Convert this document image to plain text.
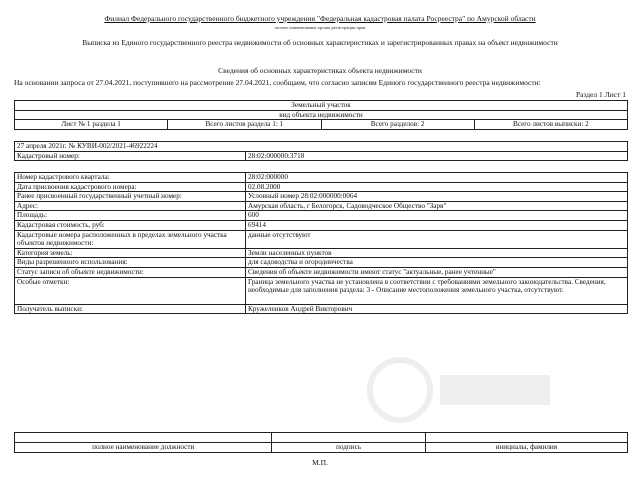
Филиал Федерального государственного бюджетного учреждения "Федеральная кадастровая палата Росреестра" по Амурской области
полное наименование органа регистрации прав
Выписка из Единого государственного реестра недвижимости об основных характеристиках и зарегистрированных правах на объект недвижимости
Сведения об основных характеристиках объекта недвижимости
На основании запроса от 27.04.2021, поступившего на рассмотрение 27.04.2021, сообщаем, что согласно записям Единого государственного реестра недвижимости:
Раздел 1 Лист 1
Земельный участок
вид объекта недвижимости
Лист № 1 раздела 1	Всего листов раздела 1: 1	Всего разделов: 2	Всего листов выписки: 2
27 апреля 2021г. № КУВИ-002/2021-46922224
Кадастровый номер:	28:02:000000:3718
Номер кадастрового квартала:	28:02:000000
Дата присвоения кадастрового номера:	02.08.2000
Ранее присвоенный государственный учетный номер:	Условный номер 28:02:000000:0064
Адрес:	Амурская область, г Белогорск, Садоводческое Общество "Заря"
Площадь:	600
Кадастровая стоимость, руб:	69414
Кадастровые номера расположенных в пределах земельного участка объектов недвижимости:	данные отсутствуют
Категория земель:	Земли населенных пунктов
Виды разрешенного использования:	для садоводства и огородничества
Статус записи об объекте недвижимости:	Сведения об объекте недвижимости имеют статус "актуальные, ранее учтенные"
Особые отметки:	Граница земельного участка не установлена в соответствии с требованиями земельного законодательства. Сведения, необходимые для заполнения раздела: 3 - Описание местоположения земельного участка, отсутствуют.
Получатель выписки:	Кружеленков Андрей Викторович

полное наименование должности	подпись	инициалы, фамилия
М.П.
